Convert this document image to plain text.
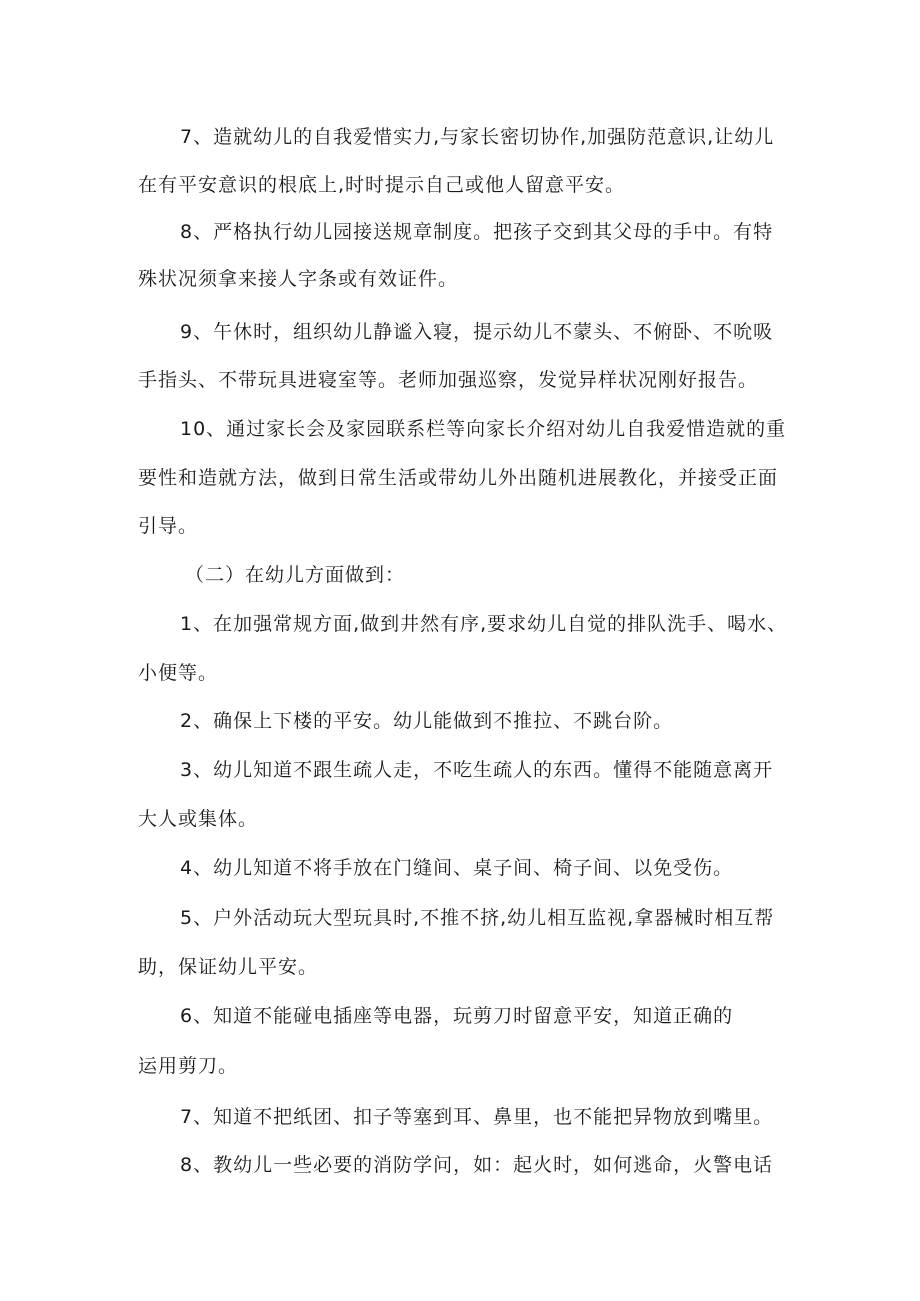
7、造就幼儿的自我爱惜实力,与家长密切协作,加强防范意识,让幼儿
在有平安意识的根底上,时时提示自己或他人留意平安。
8、严格执行幼儿园接送规章制度。把孩子交到其父母的手中。有特
殊状况须拿来接人字条或有效证件。
9、午休时，组织幼儿静谧入寝，提示幼儿不蒙头、不俯卧、不吮吸
手指头、不带玩具进寝室等。老师加强巡察，发觉异样状况刚好报告。
10、通过家长会及家园联系栏等向家长介绍对幼儿自我爱惜造就的重
要性和造就方法，做到日常生活或带幼儿外出随机进展教化，并接受正面
引导。
（二）在幼儿方面做到：
1、在加强常规方面,做到井然有序,要求幼儿自觉的排队洗手、喝水、
小便等。
2、确保上下楼的平安。幼儿能做到不推拉、不跳台阶。
3、幼儿知道不跟生疏人走，不吃生疏人的东西。懂得不能随意离开
大人或集体。
4、幼儿知道不将手放在门缝间、桌子间、椅子间、以免受伤。
5、户外活动玩大型玩具时,不推不挤,幼儿相互监视,拿器械时相互帮
助，保证幼儿平安。
6、知道不能碰电插座等电器，玩剪刀时留意平安，知道正确的
运用剪刀。
7、知道不把纸团、扣子等塞到耳、鼻里，也不能把异物放到嘴里。
8、教幼儿一些必要的消防学问，如：起火时，如何逃命，火警电话
